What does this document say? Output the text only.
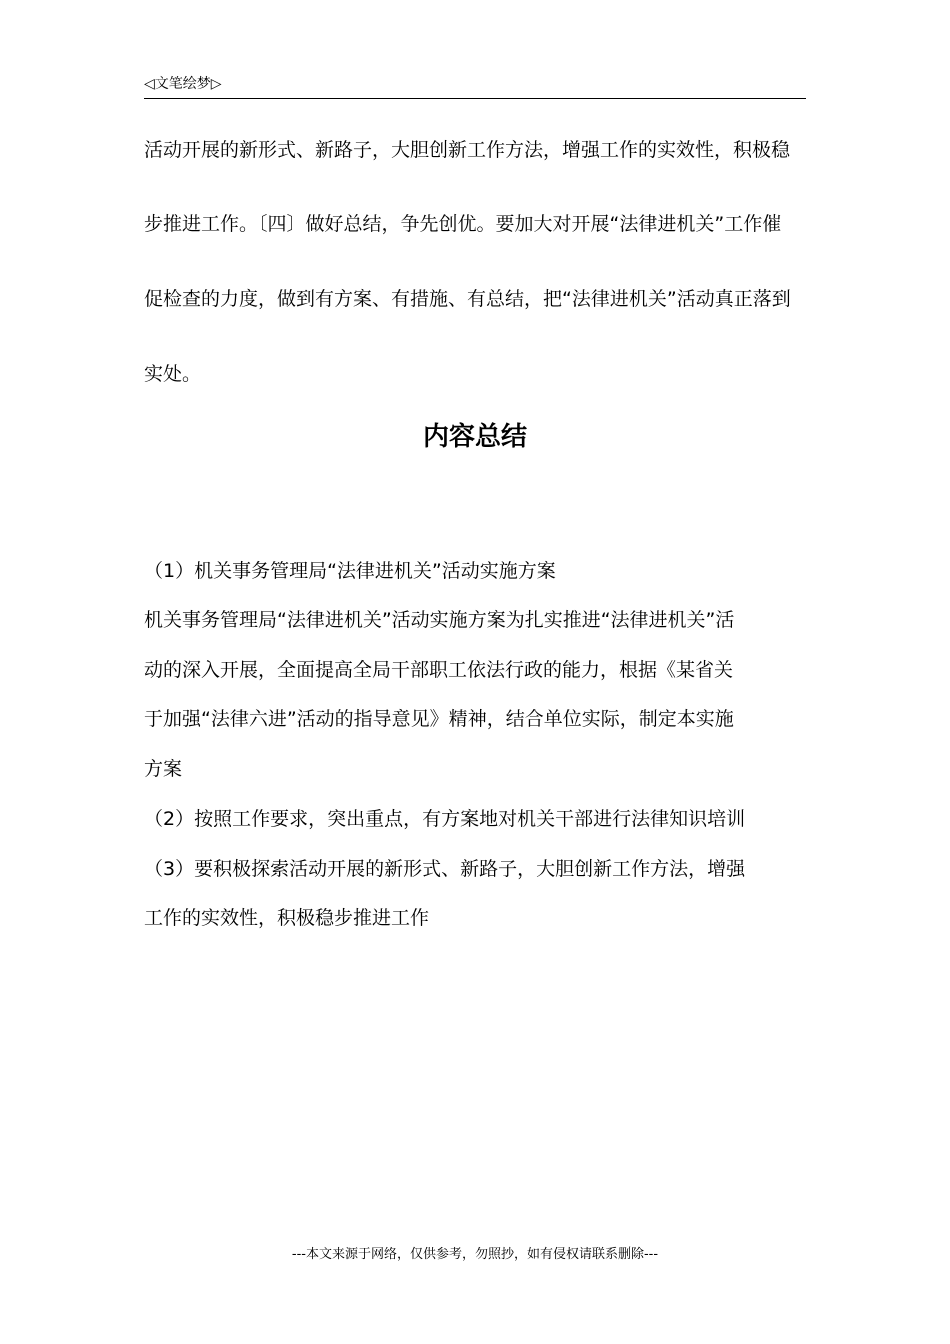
◁文笔绘梦▷
活动开展的新形式、新路子，大胆创新工作方法，增强工作的实效性，积极稳
步推进工作。〔四〕做好总结，争先创优。要加大对开展“法律进机关”工作催
促检查的力度，做到有方案、有措施、有总结，把“法律进机关”活动真正落到
实处。
内容总结
（1）机关事务管理局“法律进机关”活动实施方案
机关事务管理局“法律进机关”活动实施方案为扎实推进“法律进机关”活
动的深入开展，全面提高全局干部职工依法行政的能力，根据《某省关
于加强“法律六进”活动的指导意见》精神，结合单位实际，制定本实施
方案
（2）按照工作要求，突出重点，有方案地对机关干部进行法律知识培训
（3）要积极探索活动开展的新形式、新路子，大胆创新工作方法，增强
工作的实效性，积极稳步推进工作
---本文来源于网络，仅供参考，勿照抄，如有侵权请联系删除---
